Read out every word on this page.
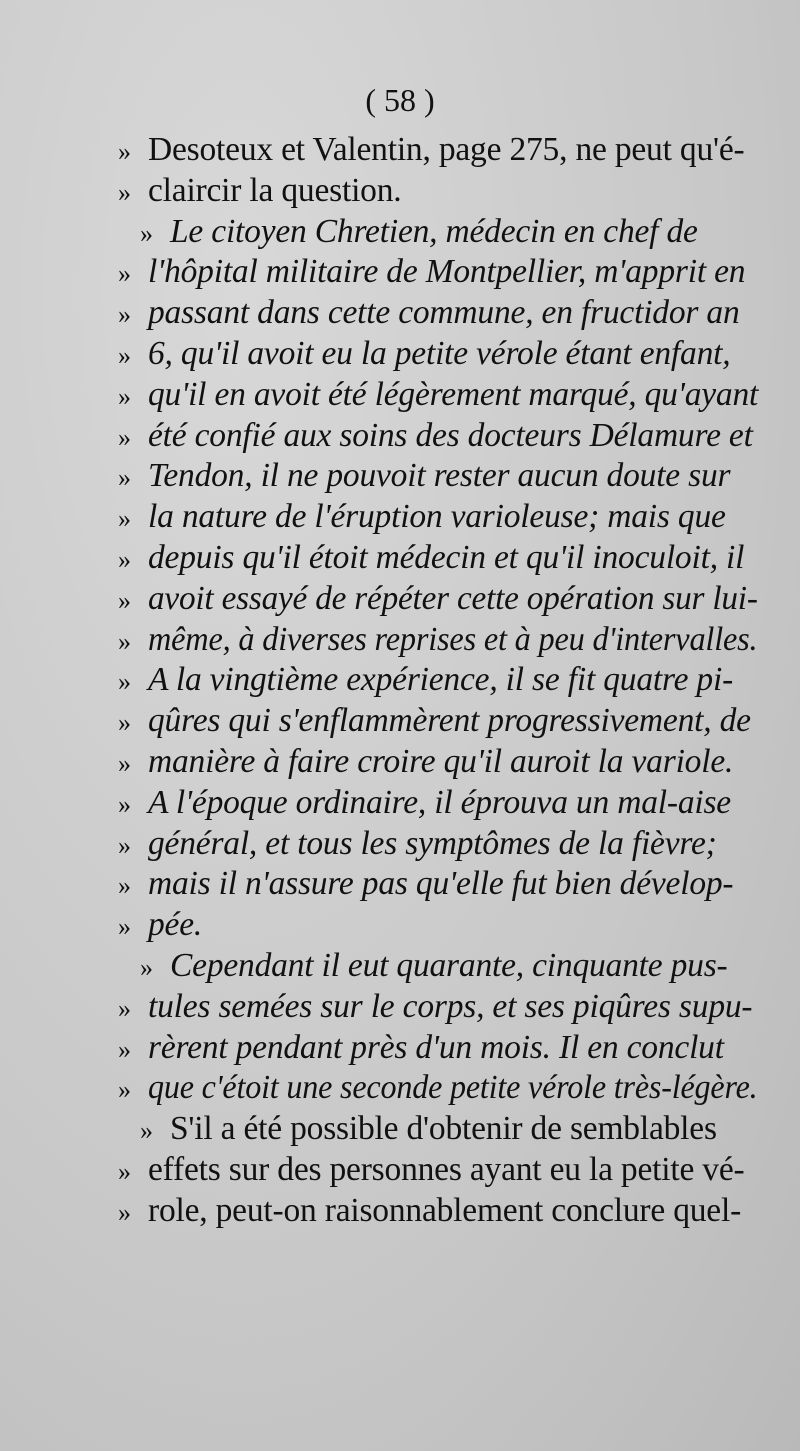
( 58 )
» Desoteux et Valentin, page 275, ne peut qu'é-
» claircir la question.
» Le citoyen Chretien, médecin en chef de
» l'hôpital militaire de Montpellier, m'apprit en
» passant dans cette commune, en fructidor an
» 6, qu'il avoit eu la petite vérole étant enfant,
» qu'il en avoit été légèrement marqué, qu'ayant
» été confié aux soins des docteurs Délamure et
» Tendon, il ne pouvoit rester aucun doute sur
» la nature de l'éruption varioleuse; mais que
» depuis qu'il étoit médecin et qu'il inoculoit, il
» avoit essayé de répéter cette opération sur lui-
» même, à diverses reprises et à peu d'intervalles.
» A la vingtième expérience, il se fit quatre pi-
» qûres qui s'enflammèrent progressivement, de
» manière à faire croire qu'il auroit la variole.
» A l'époque ordinaire, il éprouva un mal-aise
» général, et tous les symptômes de la fièvre;
» mais il n'assure pas qu'elle fut bien dévelop-
» pée.
» Cependant il eut quarante, cinquante pus-
» tules semées sur le corps, et ses piqûres supu-
» rèrent pendant près d'un mois. Il en conclut
» que c'étoit une seconde petite vérole très-légère.
» S'il a été possible d'obtenir de semblables
» effets sur des personnes ayant eu la petite vé-
» role, peut-on raisonnablement conclure quel-
